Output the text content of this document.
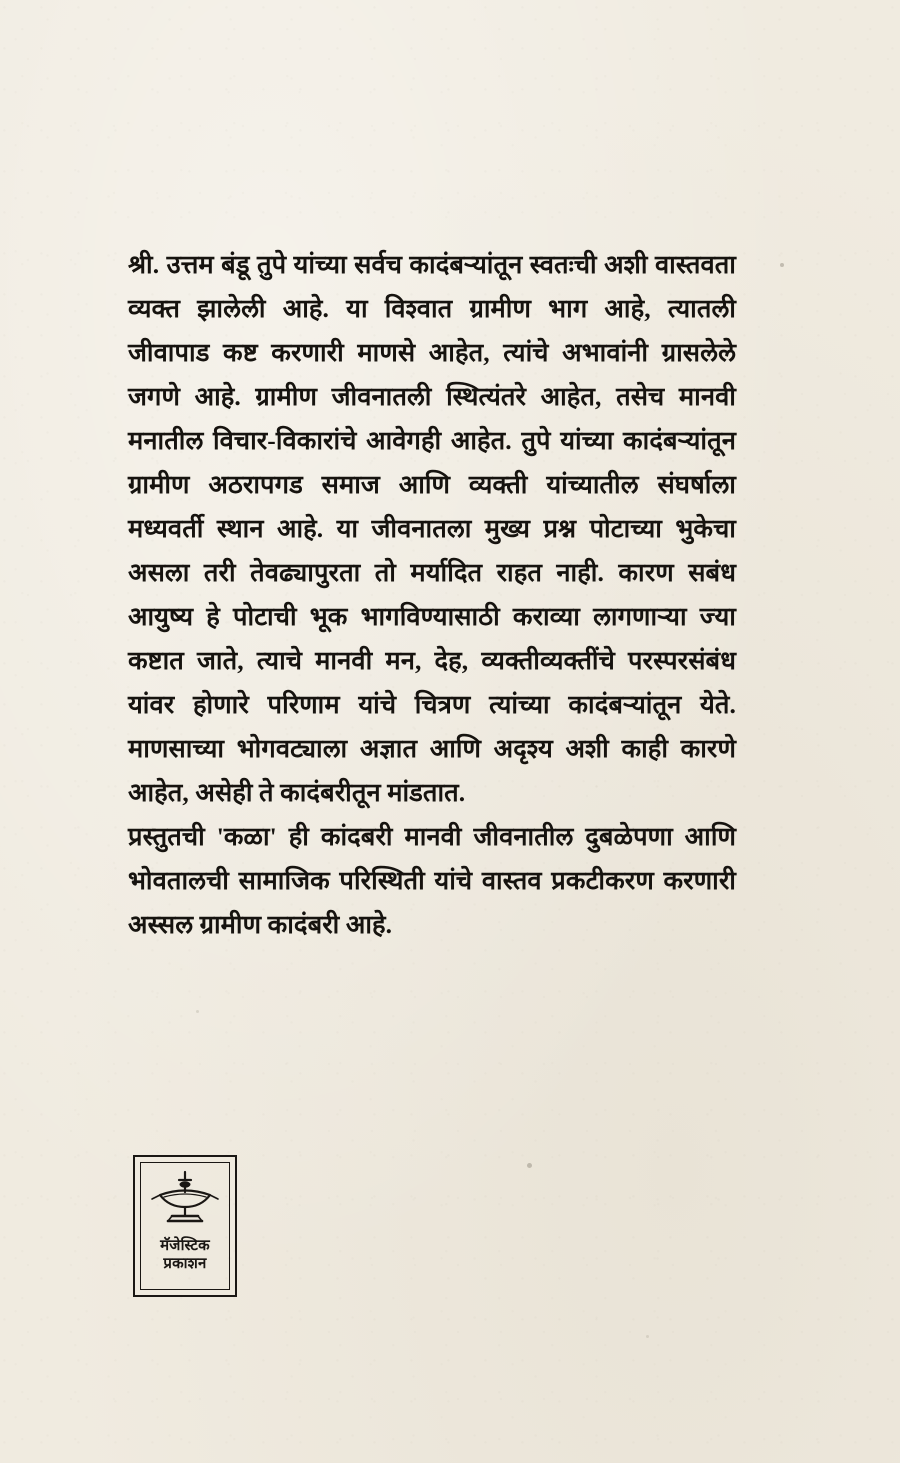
श्री. उत्तम बंडू तुपे यांच्या सर्वच कादंबऱ्यांतून स्वतःची अशी वास्तवता व्यक्त झालेली आहे. या विश्वात ग्रामीण भाग आहे, त्यातली जीवापाड कष्ट करणारी माणसे आहेत, त्यांचे अभावांनी ग्रासलेले जगणे आहे. ग्रामीण जीवनातली स्थित्यंतरे आहेत, तसेच मानवी मनातील विचार-विकारांचे आवेगही आहेत. तुपे यांच्या कादंबऱ्यांतून ग्रामीण अठरापगड समाज आणि व्यक्ती यांच्यातील संघर्षाला मध्यवर्ती स्थान आहे. या जीवनातला मुख्य प्रश्न पोटाच्या भुकेचा असला तरी तेवढ्यापुरता तो मर्यादित राहत नाही. कारण सबंध आयुष्य हे पोटाची भूक भागविण्यासाठी कराव्या लागणाऱ्या ज्या कष्टात जाते, त्याचे मानवी मन, देह, व्यक्तीव्यक्तींचे परस्परसंबंध यांवर होणारे परिणाम यांचे चित्रण त्यांच्या कादंबऱ्यांतून येते. माणसाच्या भोगवट्याला अज्ञात आणि अदृश्य अशी काही कारणे आहेत, असेही ते कादंबरीतून मांडतात.

प्रस्तुतची 'कळा' ही कांदबरी मानवी जीवनातील दुबळेपणा आणि भोवतालची सामाजिक परिस्थिती यांचे वास्तव प्रकटीकरण करणारी अस्सल ग्रामीण कादंबरी आहे.

मॅजेस्टिक
प्रकाशन
